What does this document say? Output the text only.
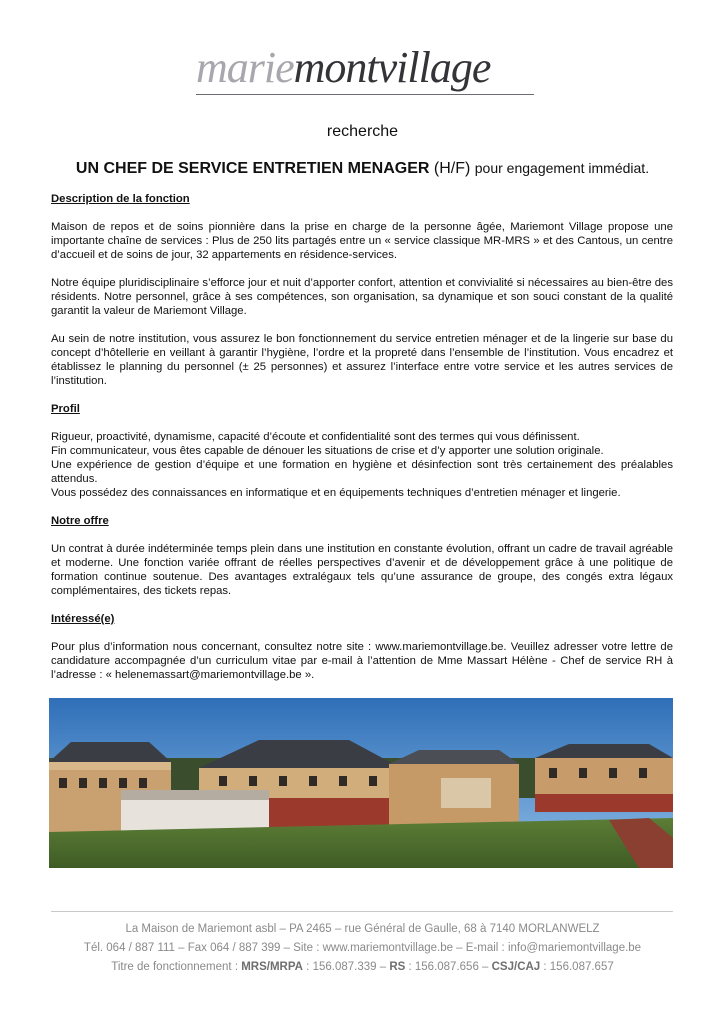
mariemontvillage
recherche
UN CHEF DE SERVICE ENTRETIEN MENAGER (H/F) pour engagement immédiat.
Description de la fonction
Maison de repos et de soins pionnière dans la prise en charge de la personne âgée, Mariemont Village propose une importante chaîne de services : Plus de 250 lits partagés entre un « service classique MR-MRS » et des Cantous, un centre d’accueil et de soins de jour, 32 appartements en résidence-services.
Notre équipe pluridisciplinaire s’efforce jour et nuit d’apporter confort, attention et convivialité si nécessaires au bien-être des résidents. Notre personnel, grâce à ses compétences, son organisation, sa dynamique et son souci constant de la qualité garantit la valeur de Mariemont Village.
Au sein de notre institution, vous assurez le bon fonctionnement du service entretien ménager et de la lingerie sur base du concept d’hôtellerie en veillant à garantir l’hygiène, l’ordre et la propreté dans l’ensemble de l’institution. Vous encadrez et établissez le planning du personnel (± 25 personnes) et assurez l’interface entre votre service et les autres services de l’institution.
Profil
Rigueur, proactivité, dynamisme, capacité d’écoute et confidentialité sont des termes qui vous définissent.
Fin communicateur, vous êtes capable de dénouer les situations de crise et d’y apporter une solution originale.
Une expérience de gestion d’équipe et une formation en hygiène et désinfection sont très certainement des préalables attendus.
Vous possédez des connaissances en informatique et en équipements techniques d’entretien ménager et lingerie.
Notre offre
Un contrat à durée indéterminée temps plein dans une institution en constante évolution, offrant un cadre de travail agréable et moderne. Une fonction variée offrant de réelles perspectives d’avenir et de développement grâce à une politique de formation continue soutenue. Des avantages extralégaux tels qu’une assurance de groupe, des congés extra légaux complémentaires, des tickets repas.
Intéressé(e)
Pour plus d’information nous concernant, consultez notre site : www.mariemontvillage.be. Veuillez adresser votre lettre de candidature accompagnée d’un curriculum vitae par e-mail à l’attention de Mme Massart Hélène - Chef de service RH à l’adresse : « helenemassart@mariemontvillage.be ».
La Maison de Mariemont asbl – PA 2465 – rue Général de Gaulle, 68 à 7140 MORLANWELZ
Tél. 064 / 887 111 – Fax 064 / 887 399 – Site : www.mariemontvillage.be – E-mail : info@mariemontvillage.be
Titre de fonctionnement : MRS/MRPA : 156.087.339 – RS : 156.087.656 – CSJ/CAJ : 156.087.657
